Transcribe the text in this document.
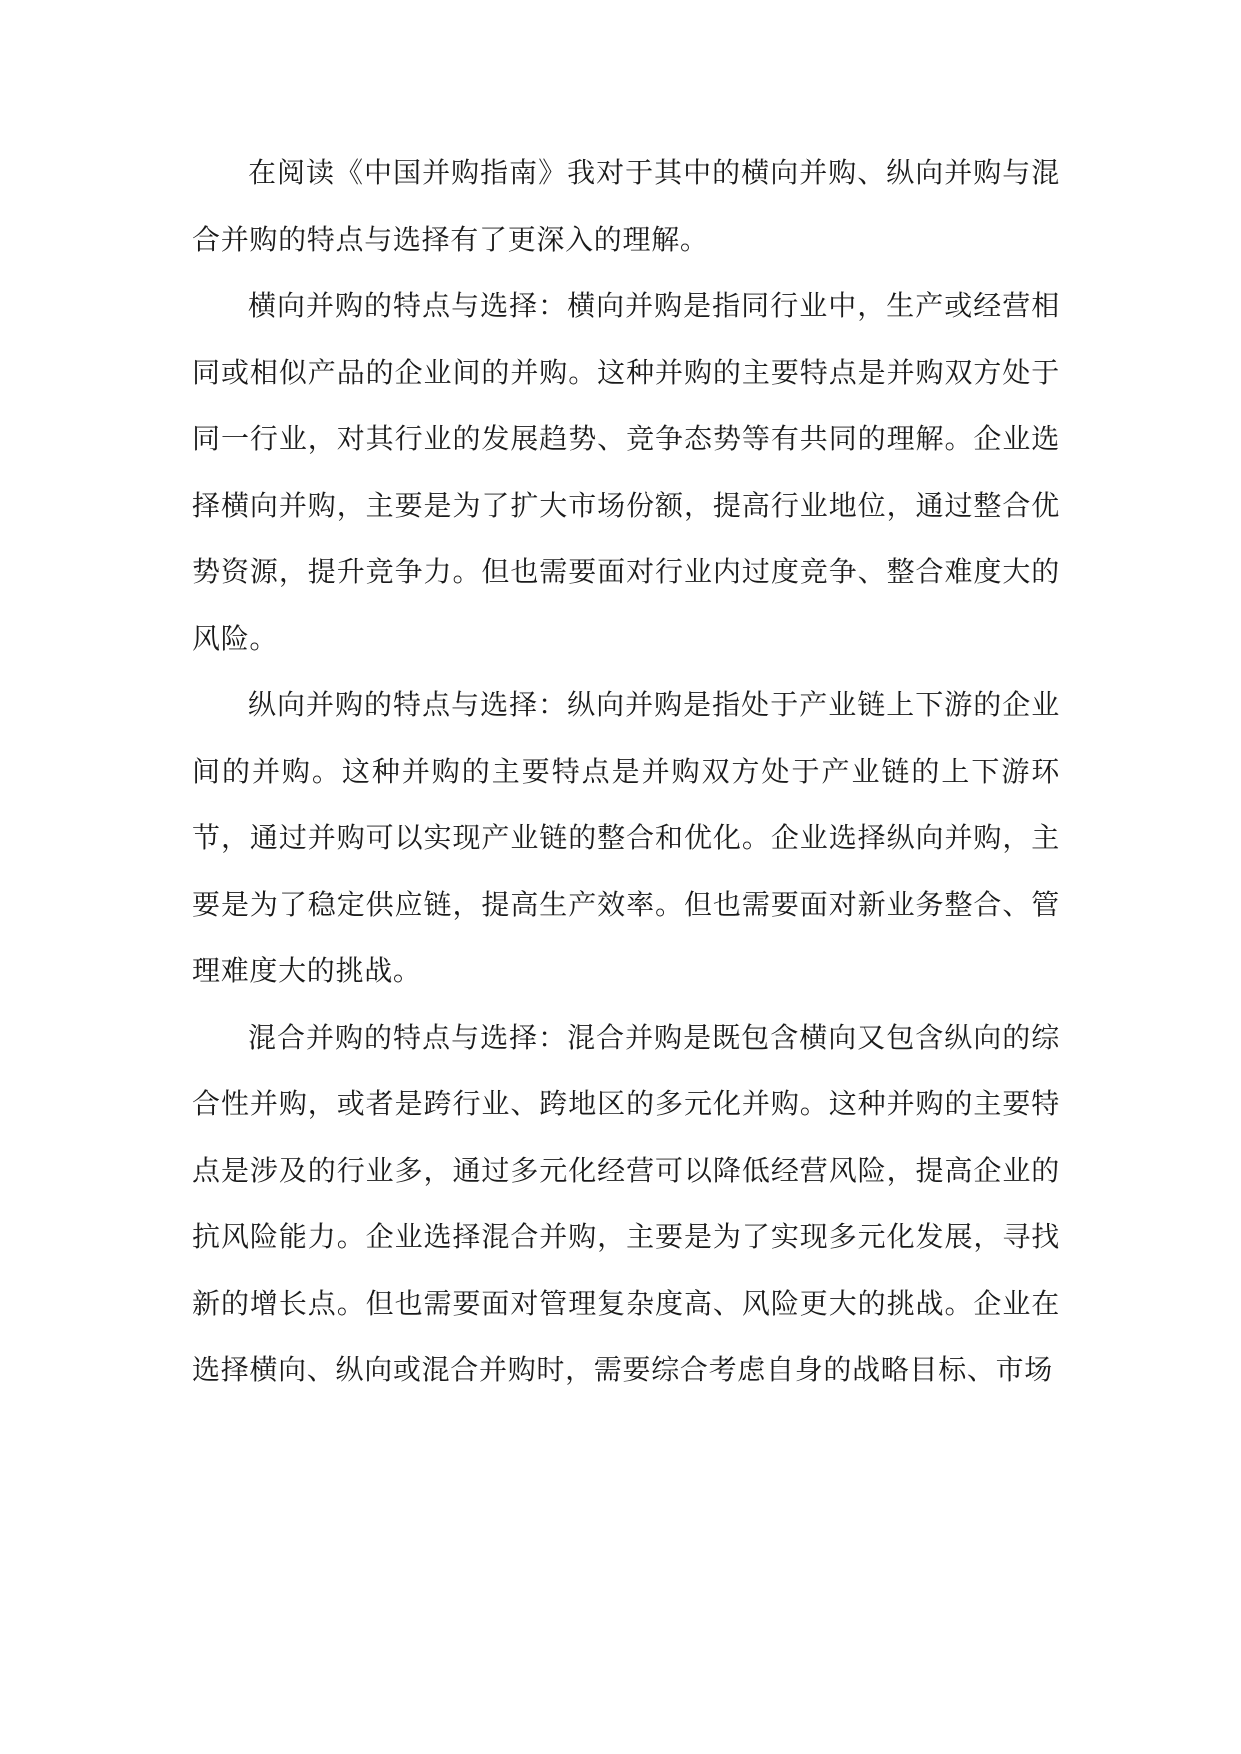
在阅读《中国并购指南》我对于其中的横向并购、纵向并购与混合并购的特点与选择有了更深入的理解。

横向并购的特点与选择：横向并购是指同行业中，生产或经营相同或相似产品的企业间的并购。这种并购的主要特点是并购双方处于同一行业，对其行业的发展趋势、竞争态势等有共同的理解。企业选择横向并购，主要是为了扩大市场份额，提高行业地位，通过整合优势资源，提升竞争力。但也需要面对行业内过度竞争、整合难度大的风险。

纵向并购的特点与选择：纵向并购是指处于产业链上下游的企业间的并购。这种并购的主要特点是并购双方处于产业链的上下游环节，通过并购可以实现产业链的整合和优化。企业选择纵向并购，主要是为了稳定供应链，提高生产效率。但也需要面对新业务整合、管理难度大的挑战。

混合并购的特点与选择：混合并购是既包含横向又包含纵向的综合性并购，或者是跨行业、跨地区的多元化并购。这种并购的主要特点是涉及的行业多，通过多元化经营可以降低经营风险，提高企业的抗风险能力。企业选择混合并购，主要是为了实现多元化发展，寻找新的增长点。但也需要面对管理复杂度高、风险更大的挑战。企业在选择横向、纵向或混合并购时，需要综合考虑自身的战略目标、市场
